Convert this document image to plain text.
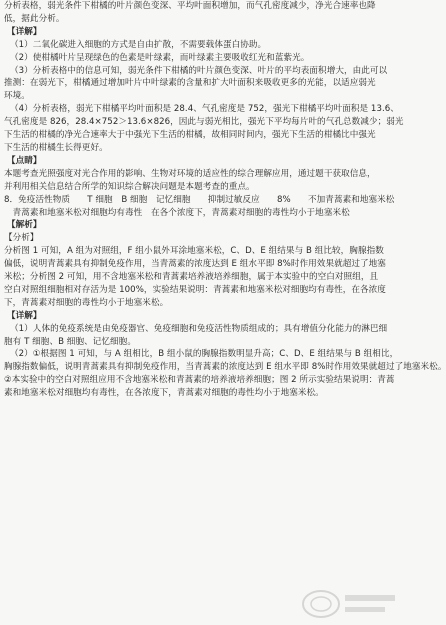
分析表格，弱光条件下柑橘的叶片颜色变深、平均叶面积增加，而气孔密度减少，净光合速率也降
低，据此分析。
【详解】
（1）二氧化碳进入细胞的方式是自由扩散，不需要载体蛋白协助。
（2）使柑橘叶片呈现绿色的色素是叶绿素，而叶绿素主要吸收红光和蓝紫光。
（3）分析表格中的信息可知，弱光条件下柑橘的叶片颜色变深、叶片的平均表面积增大，由此可以
推测：在弱光下，柑橘通过增加叶片中叶绿素的含量和扩大叶面积来吸收更多的光能，以适应弱光
环境。
（4）分析表格，弱光下柑橘平均叶面积是 28.4、气孔密度是 752，强光下柑橘平均叶面积是 13.6、
气孔密度是 826，28.4×752＞13.6×826，因此与弱光相比，强光下平均每片叶的气孔总数减少；弱光
下生活的柑橘的净光合速率大于中强光下生活的柑橘，故相同时间内，强光下生活的柑橘比中强光
下生活的柑橘生长得更好。
【点睛】
本题考查光照强度对光合作用的影响、生物对环境的适应性的综合理解应用，通过题干获取信息，
并利用相关信息结合所学的知识综合解决问题是本题考查的重点。
8．免疫活性物质　　T 细胞　B 细胞　记忆细胞　　抑制过敏反应　　8%　　不加青蒿素和地塞米松
　青蒿素和地塞米松对细胞均有毒性　在各个浓度下，青蒿素对细胞的毒性均小于地塞米松
【解析】
【分析】
分析图 1 可知，A 组为对照组，F 组小鼠外耳涂地塞米松，C、D、E 组结果与 B 组比较，胸腺指数
偏低，说明青蒿素具有抑制免疫作用，当青蒿素的浓度达到 E 组水平即 8%时作用效果就超过了地塞
米松；分析图 2 可知，用不含地塞米松和青蒿素培养液培养细胞，属于本实验中的空白对照组，且
空白对照组细胞相对存活为是 100%，实验结果说明：青蒿素和地塞米松对细胞均有毒性，在各浓度
下，青蒿素对细胞的毒性均小于地塞米松。
【详解】
（1）人体的免疫系统是由免疫器官、免疫细胞和免疫活性物质组成的；具有增值分化能力的淋巴细
胞有 T 细胞、B 细胞、记忆细胞。
（2）①根据图 1 可知，与 A 组相比，B 组小鼠的胸腺指数明显升高；C、D、E 组结果与 B 组相比，
胸腺指数偏低，说明青蒿素具有抑制免疫作用，当青蒿素的浓度达到 E 组水平即 8%时作用效果就超过了地塞米松。
②本实验中的空白对照组应用不含地塞米松和青蒿素的培养液培养细胞；图 2 所示实验结果说明：青蒿
素和地塞米松对细胞均有毒性，在各浓度下，青蒿素对细胞的毒性均小于地塞米松。
